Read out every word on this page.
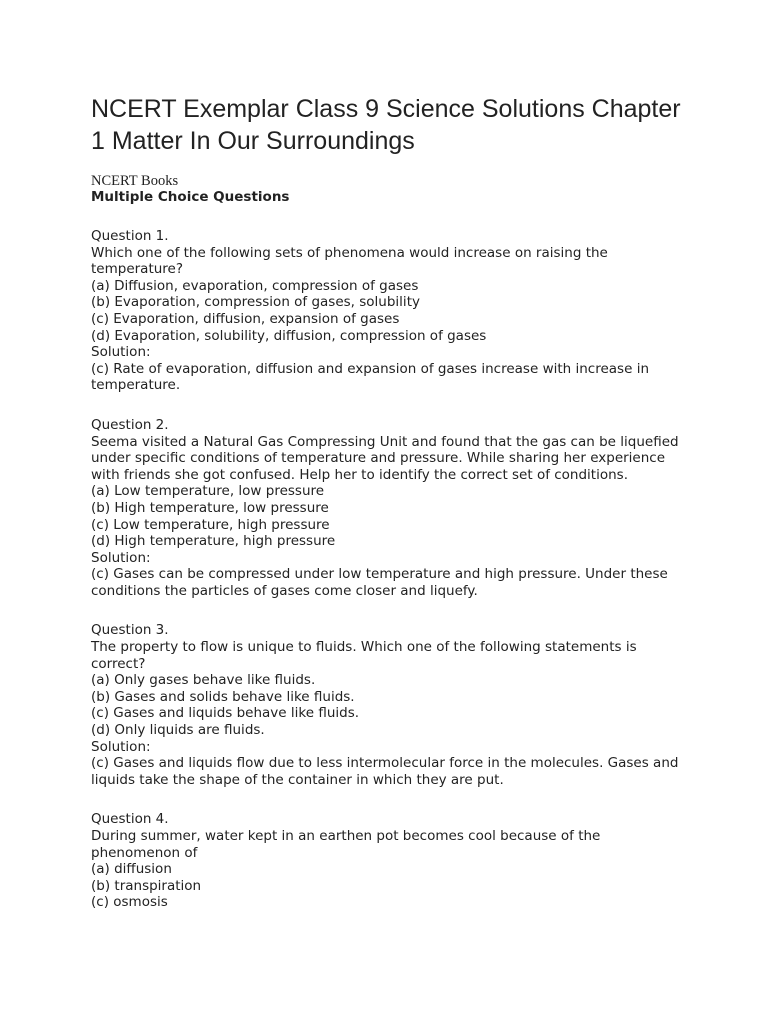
NCERT Exemplar Class 9 Science Solutions Chapter 1 Matter In Our Surroundings
NCERT Books
Multiple Choice Questions
Question 1.
Which one of the following sets of phenomena would increase on raising the temperature?
(a) Diffusion, evaporation, compression of gases
(b) Evaporation, compression of gases, solubility
(c) Evaporation, diffusion, expansion of gases
(d) Evaporation, solubility, diffusion, compression of gases
Solution:
(c) Rate of evaporation, diffusion and expansion of gases increase with increase in temperature.
Question 2.
Seema visited a Natural Gas Compressing Unit and found that the gas can be liquefied under specific conditions of temperature and pressure. While sharing her experience with friends she got confused. Help her to identify the correct set of conditions.
(a) Low temperature, low pressure
(b) High temperature, low pressure
(c) Low temperature, high pressure
(d) High temperature, high pressure
Solution:
(c) Gases can be compressed under low temperature and high pressure. Under these conditions the particles of gases come closer and liquefy.
Question 3.
The property to flow is unique to fluids. Which one of the following statements is correct?
(a) Only gases behave like fluids.
(b) Gases and solids behave like fluids.
(c) Gases and liquids behave like fluids.
(d) Only liquids are fluids.
Solution:
(c) Gases and liquids flow due to less intermolecular force in the molecules. Gases and liquids take the shape of the container in which they are put.
Question 4.
During summer, water kept in an earthen pot becomes cool because of the phenomenon of
(a) diffusion
(b) transpiration
(c) osmosis
